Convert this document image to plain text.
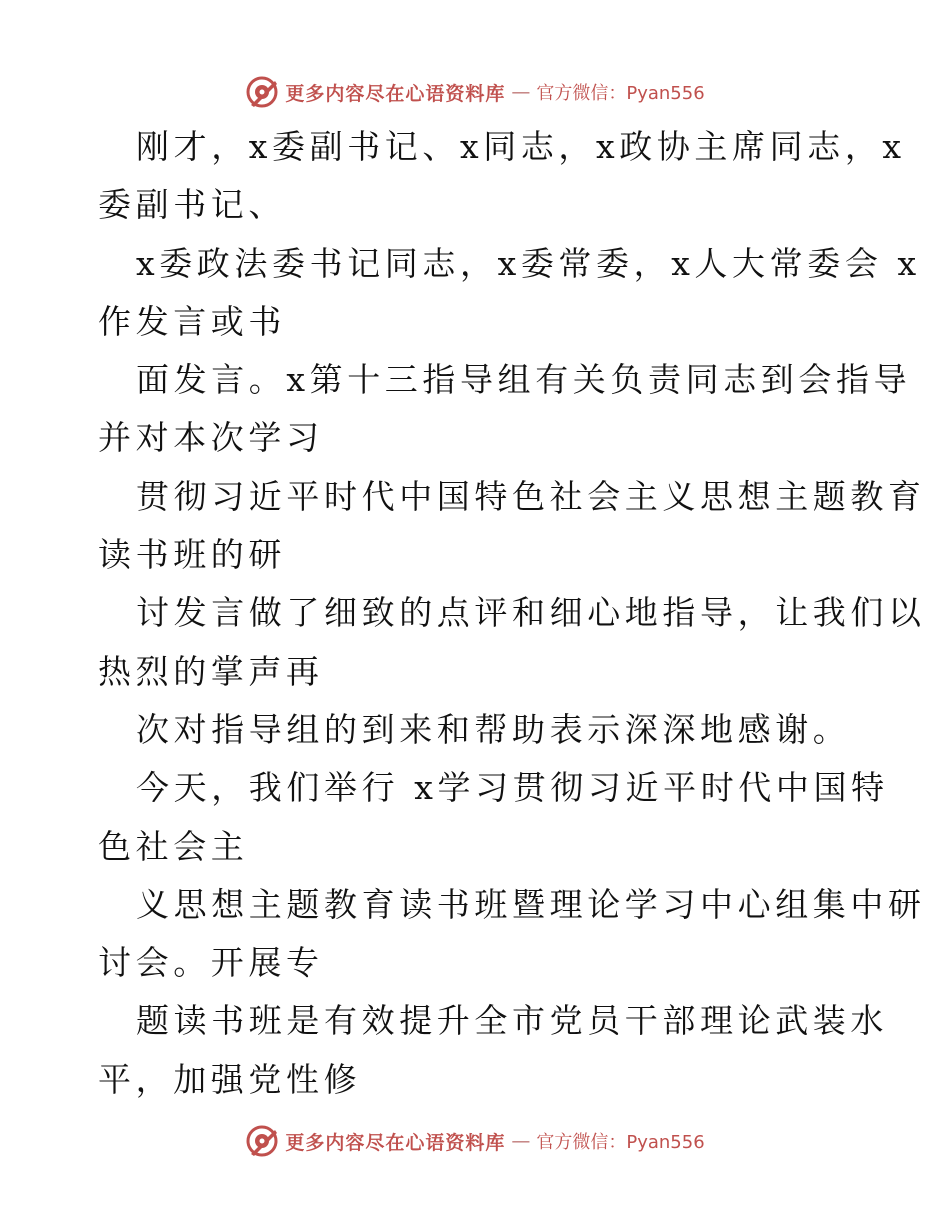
更多内容尽在心语资料库 — 官方微信：Pyan556
刚才，x委副书记、x同志，x政协主席同志，x
委副书记、
x委政法委书记同志，x委常委，x人大常委会 x
作发言或书
面发言。x第十三指导组有关负责同志到会指导
并对本次学习
贯彻习近平时代中国特色社会主义思想主题教育
读书班的研
讨发言做了细致的点评和细心地指导，让我们以
热烈的掌声再
次对指导组的到来和帮助表示深深地感谢。
今天，我们举行 x学习贯彻习近平时代中国特
色社会主
义思想主题教育读书班暨理论学习中心组集中研
讨会。开展专
题读书班是有效提升全市党员干部理论武装水
平，加强党性修
更多内容尽在心语资料库 — 官方微信：Pyan556
